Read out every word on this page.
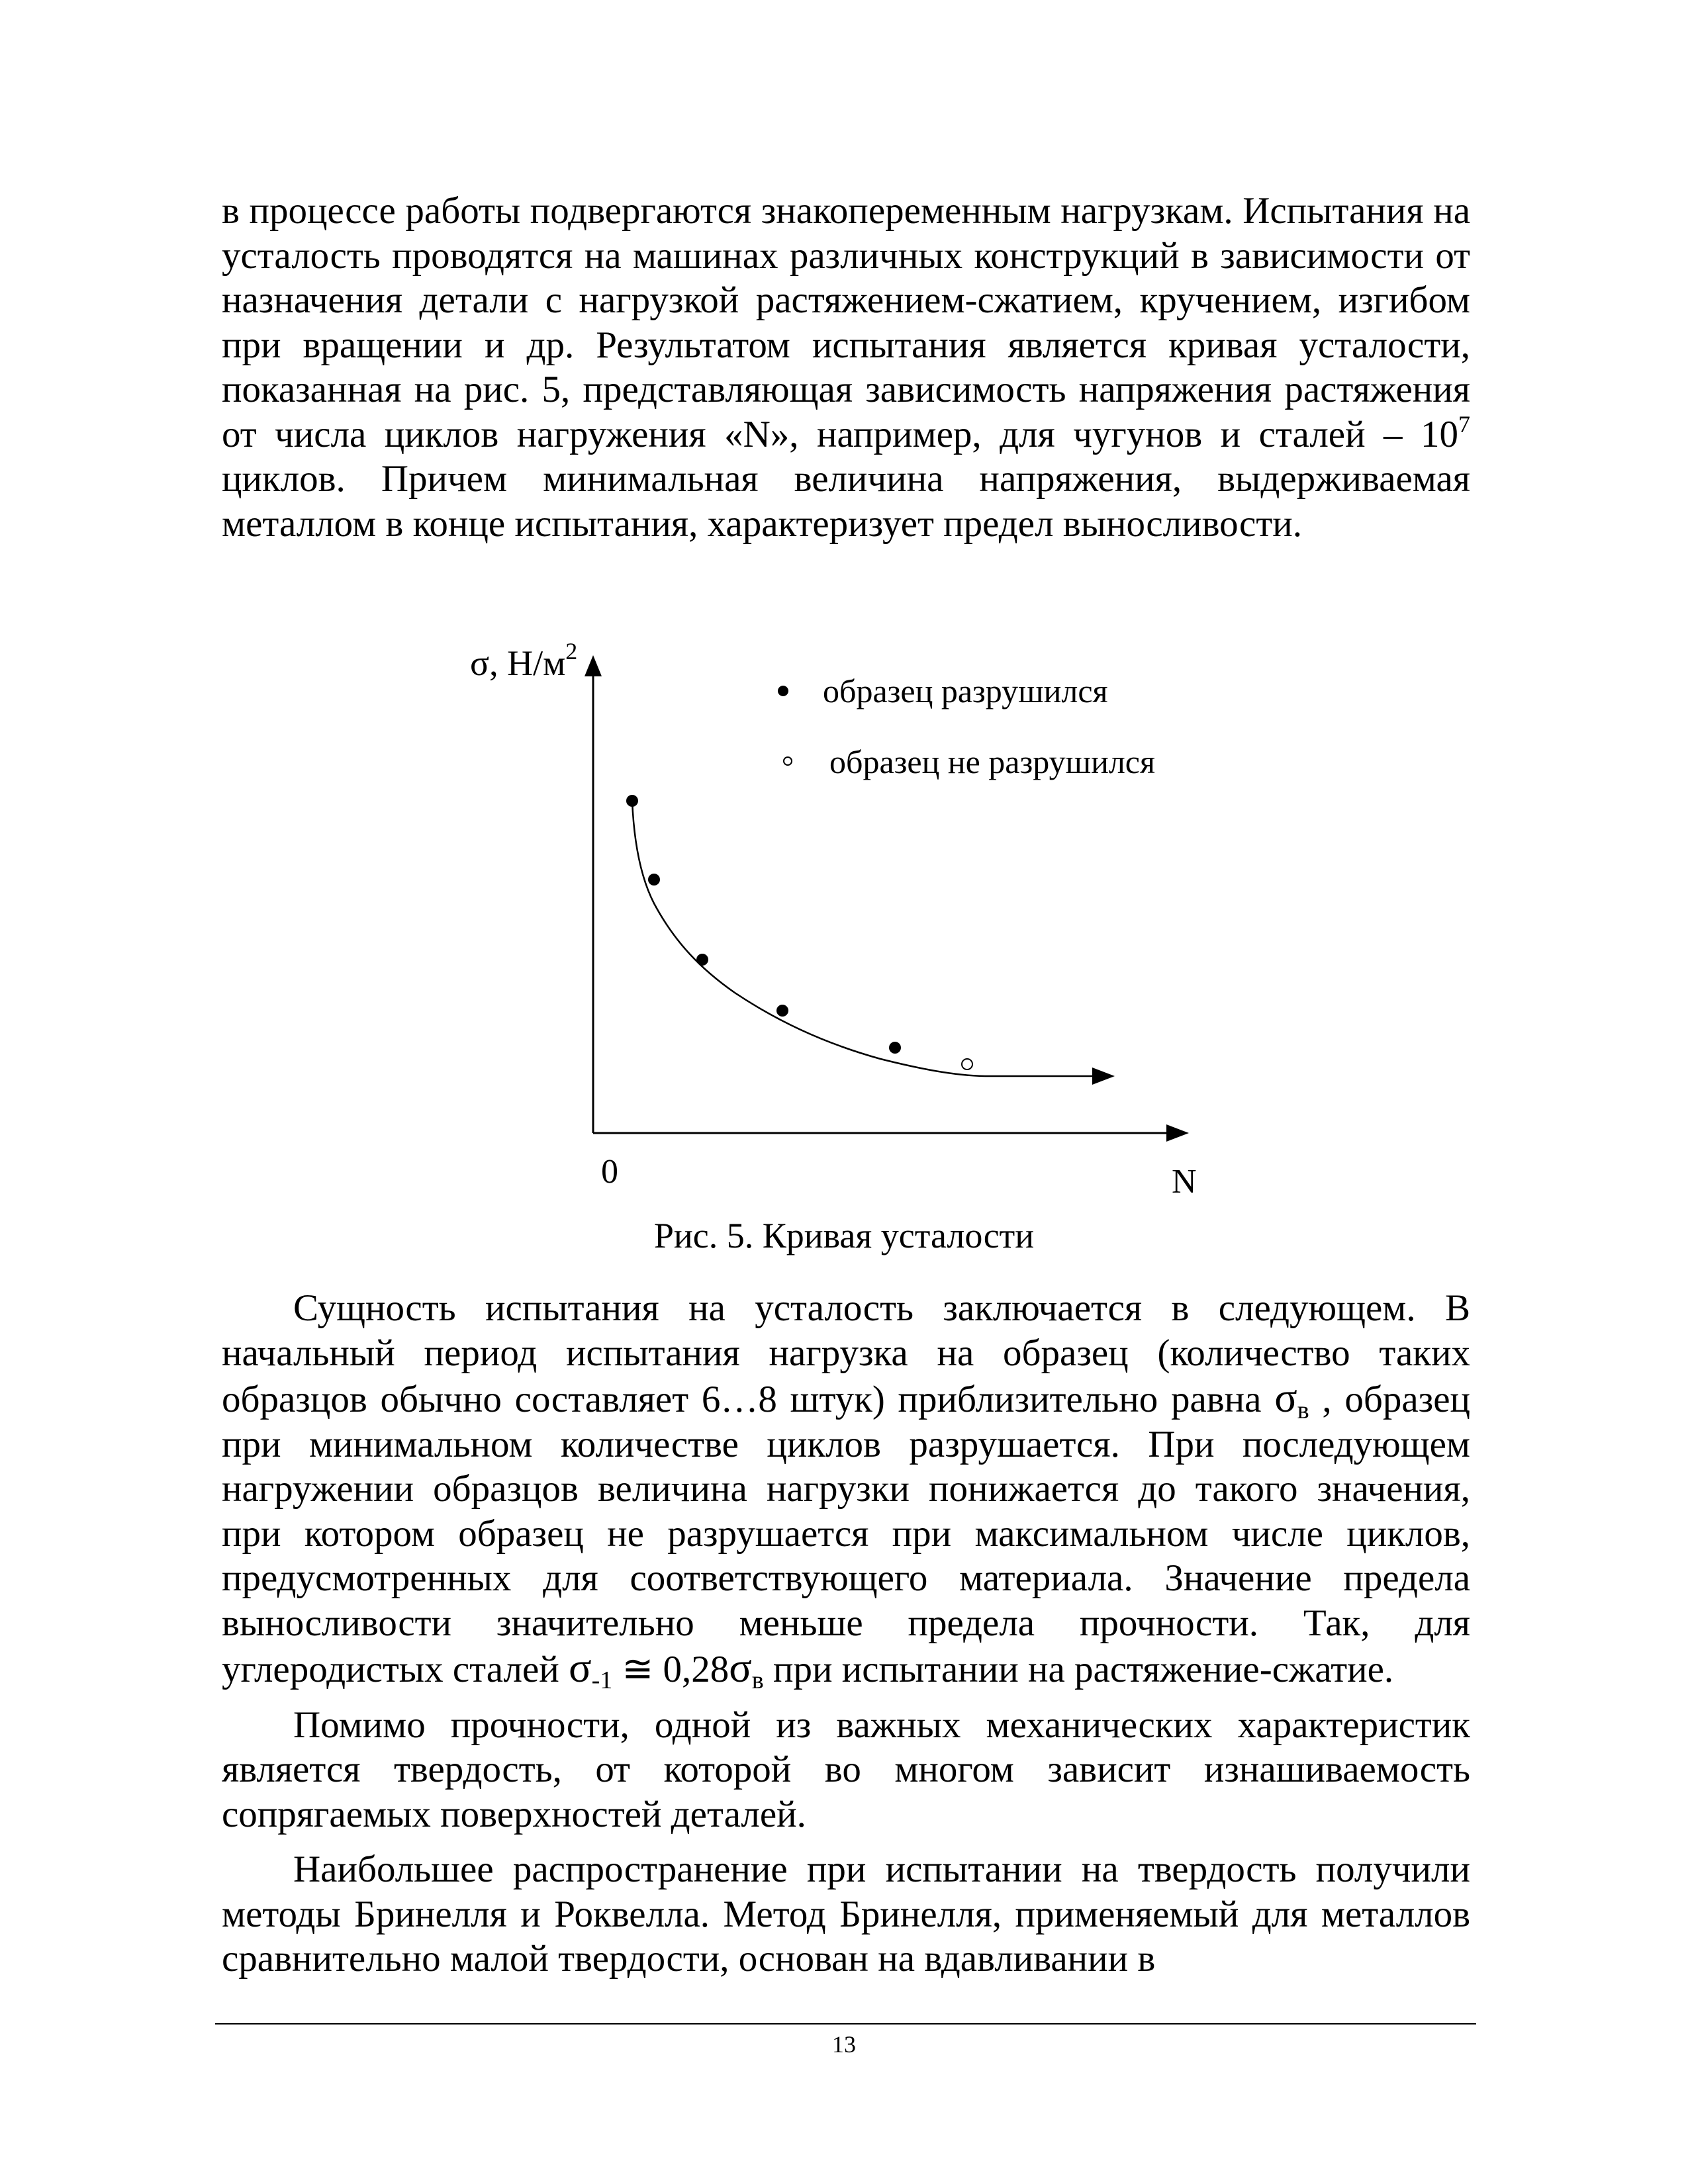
в процессе работы подвергаются знакопеременным нагрузкам. Испытания на усталость проводятся на машинах различных конструкций в зависимости от назначения детали с нагрузкой растяжением-сжатием, кручением, изгибом при вращении и др. Результатом испытания является кривая усталости, показанная на рис. 5, представляющая зависимость напряжения растяжения от числа циклов нагружения «N», например, для чугунов и сталей – $10^7$ циклов. Причем минимальная величина напряжения, выдерживаемая металлом в конце испытания, характеризует предел выносливости.

σ, $Н/м^2$
0	N
образец разрушился
образец не разрушился
Рис. 5. Кривая усталости

Сущность испытания на усталость заключается в следующем. В начальный период испытания нагрузка на образец (количество таких образцов обычно составляет 6…8 штук) приблизительно равна $\sigma_в$ , образец при минимальном количестве циклов разрушается. При последующем нагружении образцов величина нагрузки понижается до такого значения, при котором образец не разрушается при максимальном числе циклов, предусмотренных для соответствующего материала. Значение предела выносливости значительно меньше предела прочности. Так, для углеродистых сталей $\sigma_{-1}$ ≅ $0,28\sigma_в$ при испытании на растяжение-сжатие.

Помимо прочности, одной из важных механических характеристик является твердость, от которой во многом зависит изнашиваемость сопрягаемых поверхностей деталей.

Наибольшее распространение при испытании на твердость получили методы Бринелля и Роквелла. Метод Бринелля, применяемый для металлов сравнительно малой твердости, основан на вдавливании в

13
